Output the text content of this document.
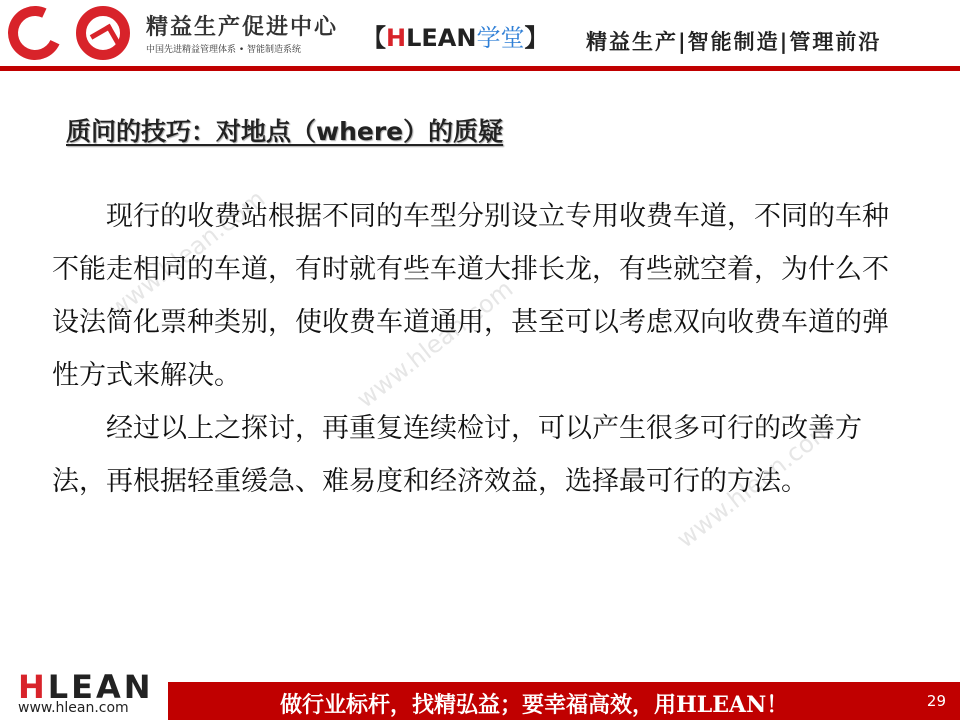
精益生产促进中心
中国先进精益管理体系 • 智能制造系统	【HLEAN学堂】 精益生产|智能制造|管理前沿
www.hlean.com
www.hlean.com
www.hlean.com
质问的技巧：对地点（where）的质疑

现行的收费站根据不同的车型分别设立专用收费车道，不同的车种不能走相同的车道，有时就有些车道大排长龙，有些就空着，为什么不设法简化票种类别，使收费车道通用，甚至可以考虑双向收费车道的弹性方式来解决。

经过以上之探讨，再重复连续检讨，可以产生很多可行的改善方法，再根据轻重缓急、难易度和经济效益，选择最可行的方法。

HLEAN
www.hlean.com	做行业标杆，找精弘益；要幸福高效，用HLEAN！	29
